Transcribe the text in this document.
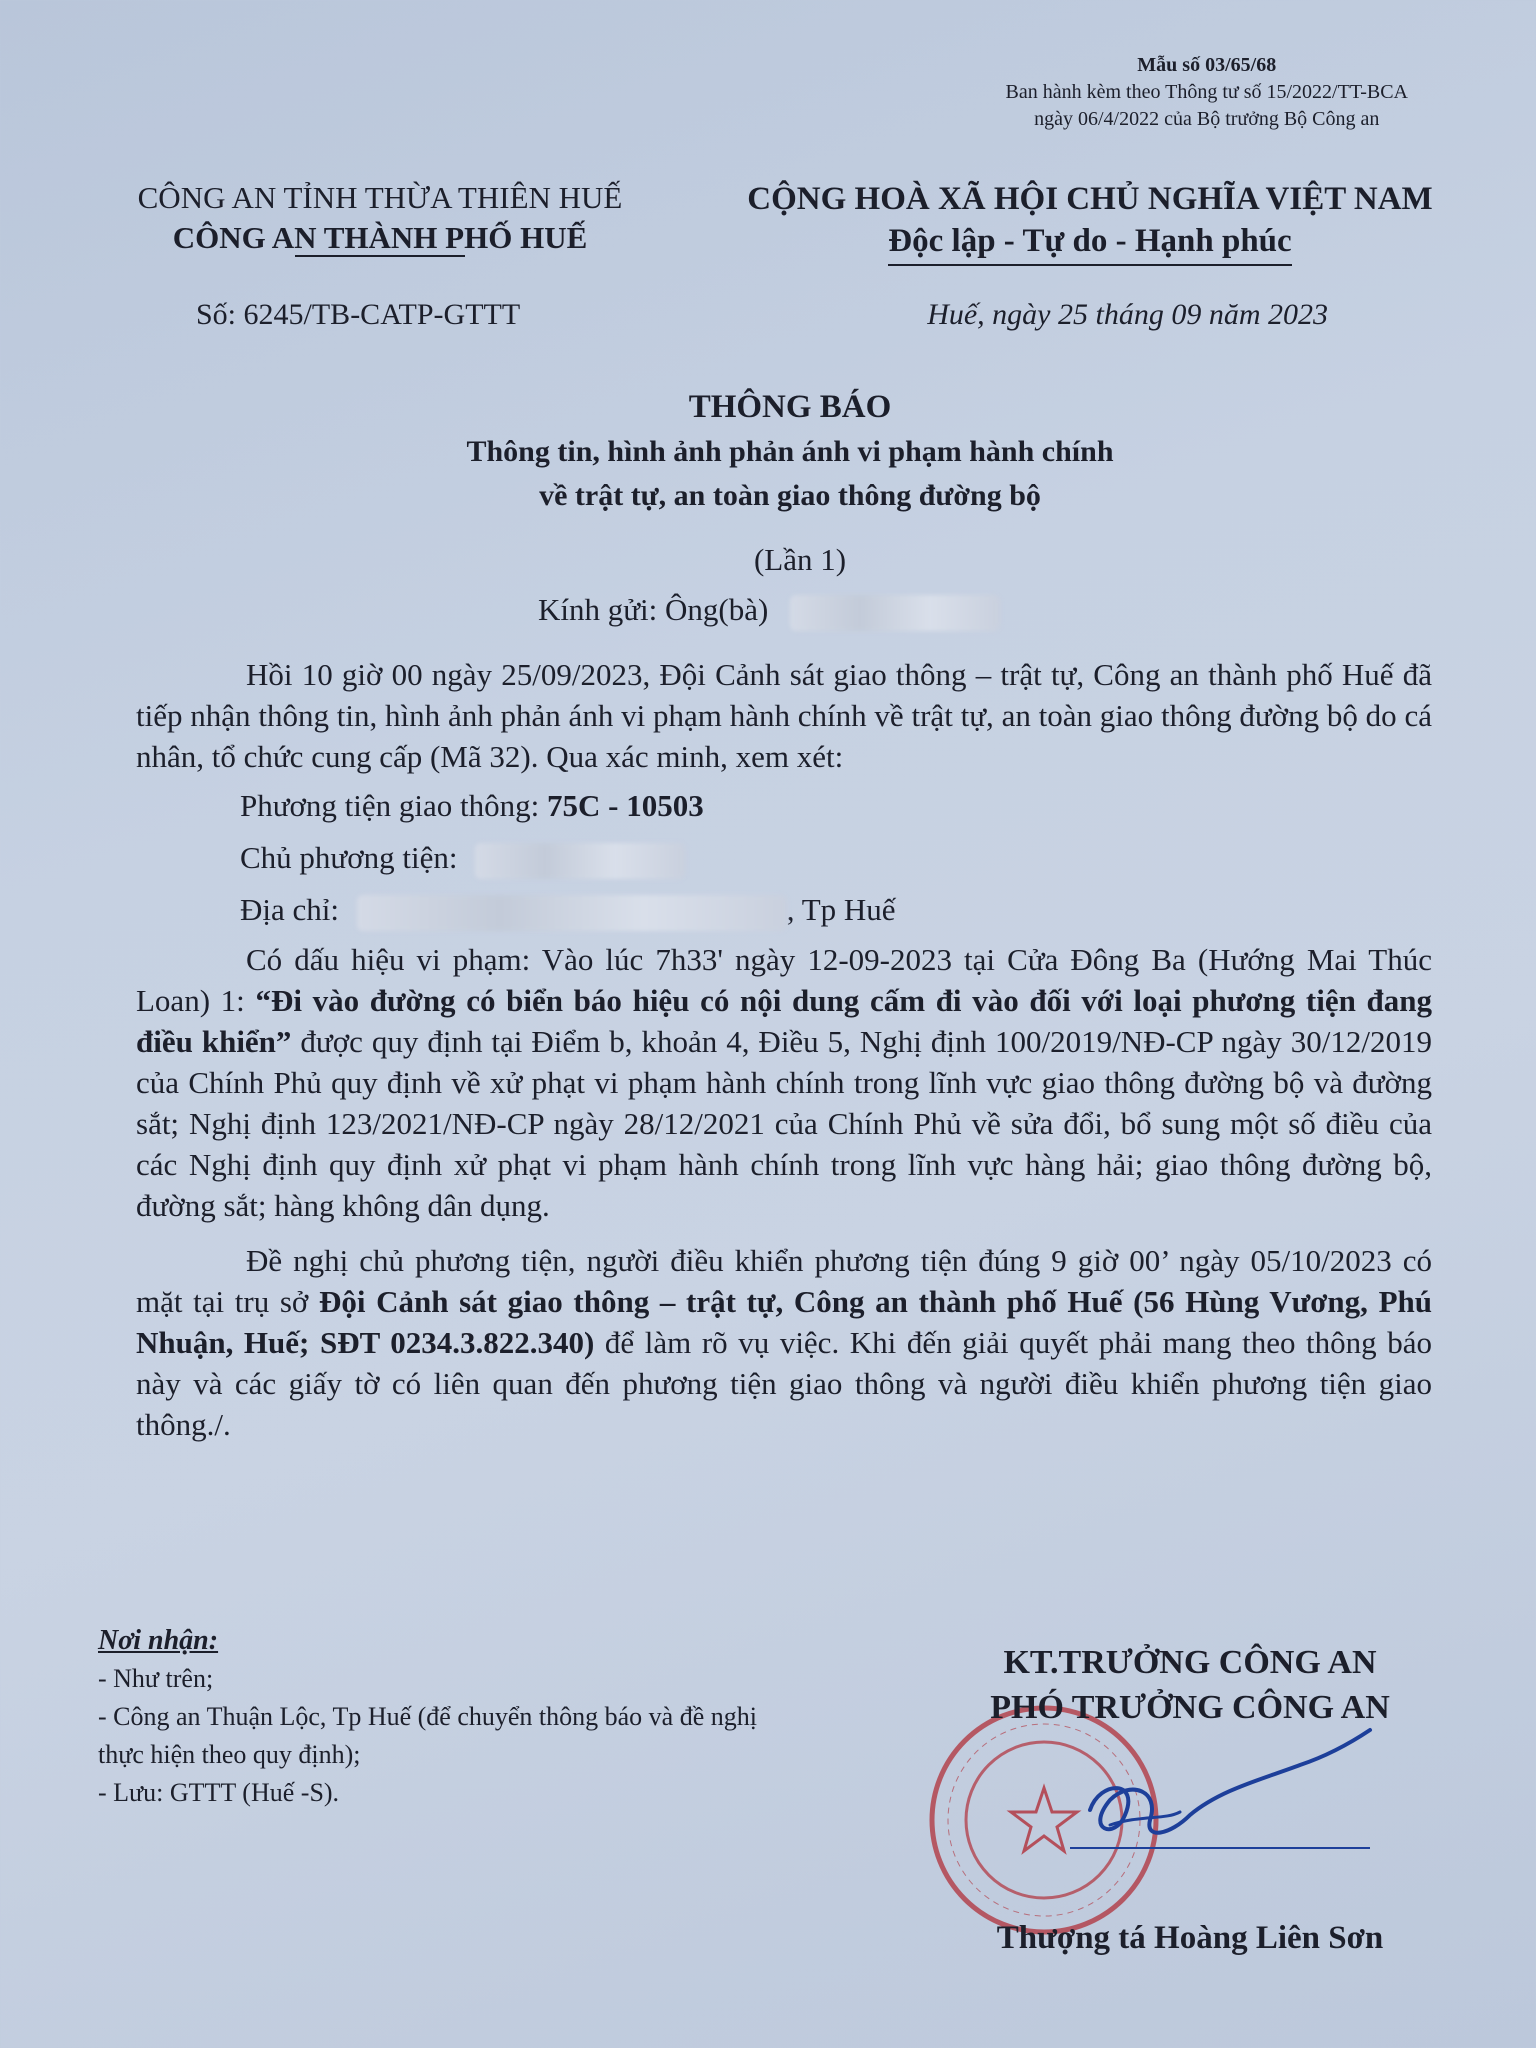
Mẫu số 03/65/68
Ban hành kèm theo Thông tư số 15/2022/TT-BCA
ngày 06/4/2022 của Bộ trưởng Bộ Công an
CÔNG AN TỈNH THỪA THIÊN HUẾ
CÔNG AN THÀNH PHỐ HUẾ
CỘNG HOÀ XÃ HỘI CHỦ NGHĨA VIỆT NAM
Độc lập - Tự do - Hạnh phúc
Số: 6245/TB-CATP-GTTT	Huế, ngày 25 tháng 09 năm 2023
THÔNG BÁO
Thông tin, hình ảnh phản ánh vi phạm hành chính
về trật tự, an toàn giao thông đường bộ
(Lần 1)
Kính gửi: Ông(bà)

Hồi 10 giờ 00 ngày 25/09/2023, Đội Cảnh sát giao thông – trật tự, Công an thành phố Huế đã tiếp nhận thông tin, hình ảnh phản ánh vi phạm hành chính về trật tự, an toàn giao thông đường bộ do cá nhân, tổ chức cung cấp (Mã 32). Qua xác minh, xem xét:

Phương tiện giao thông: 75C - 10503

Chủ phương tiện:

Địa chỉ:	, Tp Huế

Có dấu hiệu vi phạm: Vào lúc 7h33' ngày 12-09-2023 tại Cửa Đông Ba (Hướng Mai Thúc Loan) 1: “Đi vào đường có biển báo hiệu có nội dung cấm đi vào đối với loại phương tiện đang điều khiển” được quy định tại Điểm b, khoản 4, Điều 5, Nghị định 100/2019/NĐ-CP ngày 30/12/2019 của Chính Phủ quy định về xử phạt vi phạm hành chính trong lĩnh vực giao thông đường bộ và đường sắt; Nghị định 123/2021/NĐ-CP ngày 28/12/2021 của Chính Phủ về sửa đổi, bổ sung một số điều của các Nghị định quy định xử phạt vi phạm hành chính trong lĩnh vực hàng hải; giao thông đường bộ, đường sắt; hàng không dân dụng.

Đề nghị chủ phương tiện, người điều khiển phương tiện đúng 9 giờ 00’ ngày 05/10/2023 có mặt tại trụ sở Đội Cảnh sát giao thông – trật tự, Công an thành phố Huế (56 Hùng Vương, Phú Nhuận, Huế; SĐT 0234.3.822.340) để làm rõ vụ việc. Khi đến giải quyết phải mang theo thông báo này và các giấy tờ có liên quan đến phương tiện giao thông và người điều khiển phương tiện giao thông./.

Nơi nhận:
- Như trên;
- Công an Thuận Lộc, Tp Huế (để chuyển thông báo và đề nghị thực hiện theo quy định);
- Lưu: GTTT (Huế -S).
KT.TRƯỞNG CÔNG AN
PHÓ TRƯỞNG CÔNG AN
Thượng tá Hoàng Liên Sơn
